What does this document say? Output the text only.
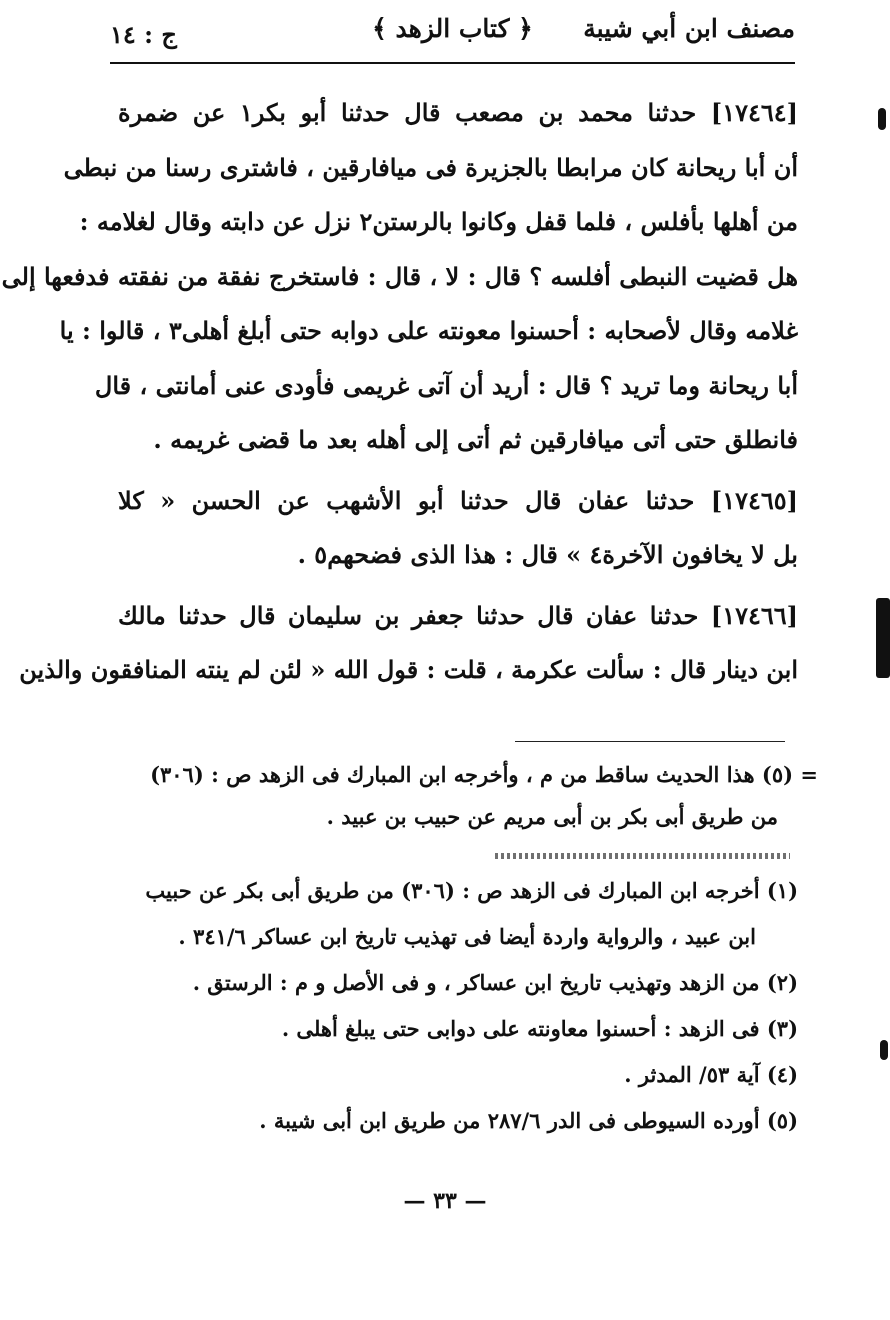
مصنف ابن أبي شيبة
﴿ كتاب الزهد ﴾
ج : ١٤
[١٧٤٦٤] حدثنا محمد بن مصعب قال حدثنا أبو بكر١ عن ضمرة
أن أبا ريحانة كان مرابطا بالجزيرة فى ميافارقين ، فاشترى رسنا من نبطى
من أهلها بأفلس ، فلما قفل وكانوا بالرستن٢ نزل عن دابته وقال لغلامه :
هل قضيت النبطى أفلسه ؟ قال : لا ، قال : فاستخرج نفقة من نفقته فدفعها إلى
غلامه وقال لأصحابه : أحسنوا معونته على دوابه حتى أبلغ أهلى٣ ، قالوا : يا
أبا ريحانة وما تريد ؟ قال : أريد أن آتى غريمى فأودى عنى أمانتى ، قال
فانطلق حتى أتى ميافارقين ثم أتى إلى أهله بعد ما قضى غريمه .
[١٧٤٦٥] حدثنا عفان قال حدثنا أبو الأشهب عن الحسن « كلا
بل لا يخافون الآخرة٤ » قال : هذا الذى فضحهم٥ .
[١٧٤٦٦] حدثنا عفان قال حدثنا جعفر بن سليمان قال حدثنا مالك
ابن دينار قال : سألت عكرمة ، قلت : قول الله « لئن لم ينته المنافقون والذين
= (٥) هذا الحديث ساقط من م ، وأخرجه ابن المبارك فى الزهد ص : (٣٠٦)
من طريق أبى بكر بن أبى مريم عن حبيب بن عبيد .
(١) أخرجه ابن المبارك فى الزهد ص : (٣٠٦) من طريق أبى بكر عن حبيب
ابن عبيد ، والرواية واردة أيضا فى تهذيب تاريخ ابن عساكر ٣٤١/٦ .
(٢) من الزهد وتهذيب تاريخ ابن عساكر ، و فى الأصل و م : الرستق .
(٣) فى الزهد : أحسنوا معاونته على دوابى حتى يبلغ أهلى .
(٤) آية ٥٣/ المدثر .
(٥) أورده السيوطى فى الدر ٢٨٧/٦ من طريق ابن أبى شيبة .
— ٣٣ —
